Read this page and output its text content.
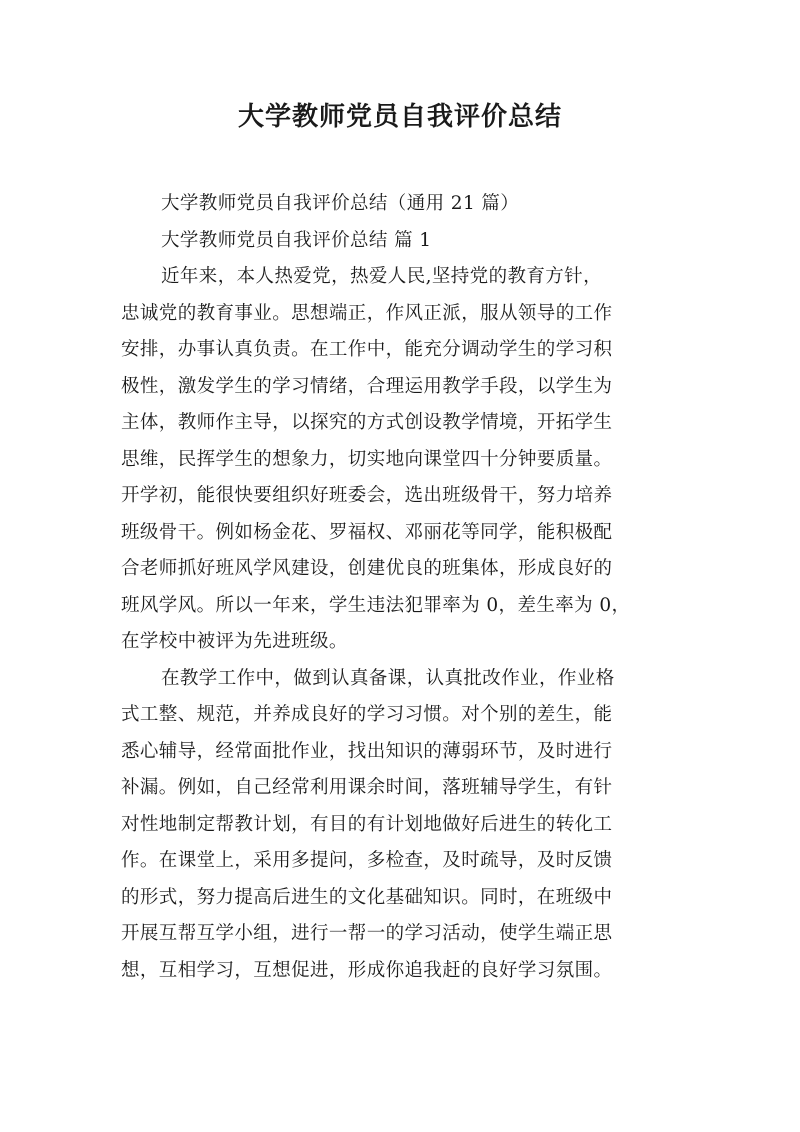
大学教师党员自我评价总结
大学教师党员自我评价总结（通用 21 篇）
大学教师党员自我评价总结 篇 1
近年来，本人热爱党，热爱人民,坚持党的教育方针，
忠诚党的教育事业。思想端正，作风正派，服从领导的工作
安排，办事认真负责。在工作中，能充分调动学生的学习积
极性，激发学生的学习情绪，合理运用教学手段，以学生为
主体，教师作主导，以探究的方式创设教学情境，开拓学生
思维，民挥学生的想象力，切实地向课堂四十分钟要质量。
开学初，能很快要组织好班委会，选出班级骨干，努力培养
班级骨干。例如杨金花、罗福权、邓丽花等同学，能积极配
合老师抓好班风学风建设，创建优良的班集体，形成良好的
班风学风。所以一年来，学生违法犯罪率为 0，差生率为 0，
在学校中被评为先进班级。
在教学工作中，做到认真备课，认真批改作业，作业格
式工整、规范，并养成良好的学习习惯。对个别的差生，能
悉心辅导，经常面批作业，找出知识的薄弱环节，及时进行
补漏。例如，自己经常利用课余时间，落班辅导学生，有针
对性地制定帮教计划，有目的有计划地做好后进生的转化工
作。在课堂上，采用多提问，多检查，及时疏导，及时反馈
的形式，努力提高后进生的文化基础知识。同时，在班级中
开展互帮互学小组，进行一帮一的学习活动，使学生端正思
想，互相学习，互想促进，形成你追我赶的良好学习氛围。
